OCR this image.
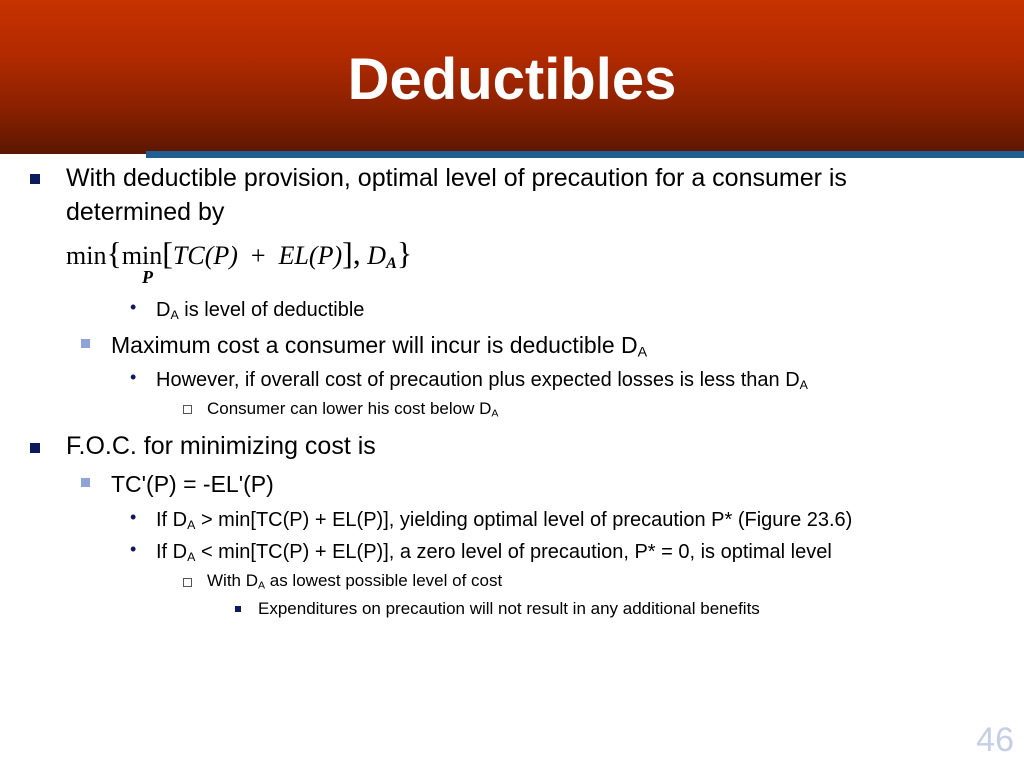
Deductibles
With deductible provision, optimal level of precaution for a consumer is
determined by
min{min[TC(P) + EL(P)], $D_A$}
P
• $D_A$ is level of deductible
Maximum cost a consumer will incur is deductible $D_A$
• However, if overall cost of precaution plus expected losses is less than $D_A$
Consumer can lower his cost below $D_A$
F.O.C. for minimizing cost is
TC'(P) = -EL'(P)
• If $D_A > \min[TC(P) + EL(P)]$, yielding optimal level of precaution P* (Figure 23.6)
• If $D_A < \min[TC(P) + EL(P)]$, a zero level of precaution, P* = 0, is optimal level
With $D_A$ as lowest possible level of cost
Expenditures on precaution will not result in any additional benefits
46
